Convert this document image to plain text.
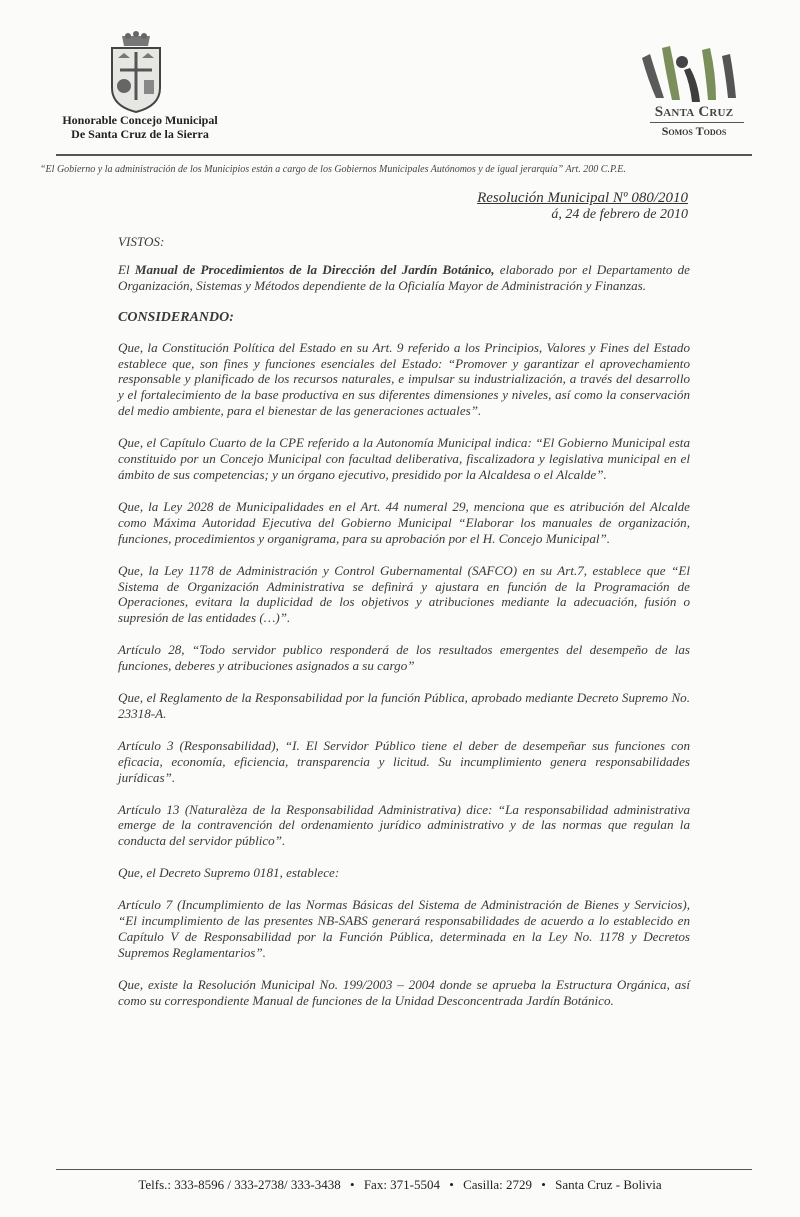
Honorable Concejo Municipal
De Santa Cruz de la Sierra
Santa Cruz
Somos Todos
“El Gobierno y la administración de los Municipios están a cargo de los Gobiernos Municipales Autónomos y de igual jerarquía” Art. 200 C.P.E.
Resolución Municipal Nº 080/2010
á, 24 de febrero de 2010

VISTOS:

El Manual de Procedimientos de la Dirección del Jardín Botánico, elaborado por el Departamento de Organización, Sistemas y Métodos dependiente de la Oficialía Mayor de Administración y Finanzas.

CONSIDERANDO:

Que, la Constitución Política del Estado en su Art. 9 referido a los Principios, Valores y Fines del Estado establece que, son fines y funciones esenciales del Estado: “Promover y garantizar el aprovechamiento responsable y planificado de los recursos naturales, e impulsar su industrialización, a través del desarrollo y el fortalecimiento de la base productiva en sus diferentes dimensiones y niveles, así como la conservación del medio ambiente, para el bienestar de las generaciones actuales”.

Que, el Capítulo Cuarto de la CPE referido a la Autonomía Municipal indica: “El Gobierno Municipal esta constituido por un Concejo Municipal con facultad deliberativa, fiscalizadora y legislativa municipal en el ámbito de sus competencias; y un órgano ejecutivo, presidido por la Alcaldesa o el Alcalde”.

Que, la Ley 2028 de Municipalidades en el Art. 44 numeral 29, menciona que es atribución del Alcalde como Máxima Autoridad Ejecutiva del Gobierno Municipal “Elaborar los manuales de organización, funciones, procedimientos y organigrama, para su aprobación por el H. Concejo Municipal”.

Que, la Ley 1178 de Administración y Control Gubernamental (SAFCO) en su Art.7, establece que “El Sistema de Organización Administrativa se definirá y ajustara en función de la Programación de Operaciones, evitara la duplicidad de los objetivos y atribuciones mediante la adecuación, fusión o supresión de las entidades (…)”.

Artículo 28, “Todo servidor publico responderá de los resultados emergentes del desempeño de las funciones, deberes y atribuciones asignados a su cargo”

Que, el Reglamento de la Responsabilidad por la función Pública, aprobado mediante Decreto Supremo No. 23318-A.

Artículo 3 (Responsabilidad), “I. El Servidor Público tiene el deber de desempeñar sus funciones con eficacia, economía, eficiencia, transparencia y licitud. Su incumplimiento genera responsabilidades jurídicas”.

Artículo 13 (Naturalèza de la Responsabilidad Administrativa) dice: “La responsabilidad administrativa emerge de la contravención del ordenamiento jurídico administrativo y de las normas que regulan la conducta del servidor público”.

Que, el Decreto Supremo 0181, establece:

Artículo 7 (Incumplimiento de las Normas Básicas del Sistema de Administración de Bienes y Servicios), “El incumplimiento de las presentes NB-SABS generará responsabilidades de acuerdo a lo establecido en Capítulo V de Responsabilidad por la Función Pública, determinada en la Ley No. 1178 y Decretos Supremos Reglamentarios”.

Que, existe la Resolución Municipal No. 199/2003 – 2004 donde se aprueba la Estructura Orgánica, así como su correspondiente Manual de funciones de la Unidad Desconcentrada Jardín Botánico.

Telfs.: 333-8596 / 333-2738/ 333-3438 • Fax: 371-5504 • Casilla: 2729 • Santa Cruz - Bolivia
